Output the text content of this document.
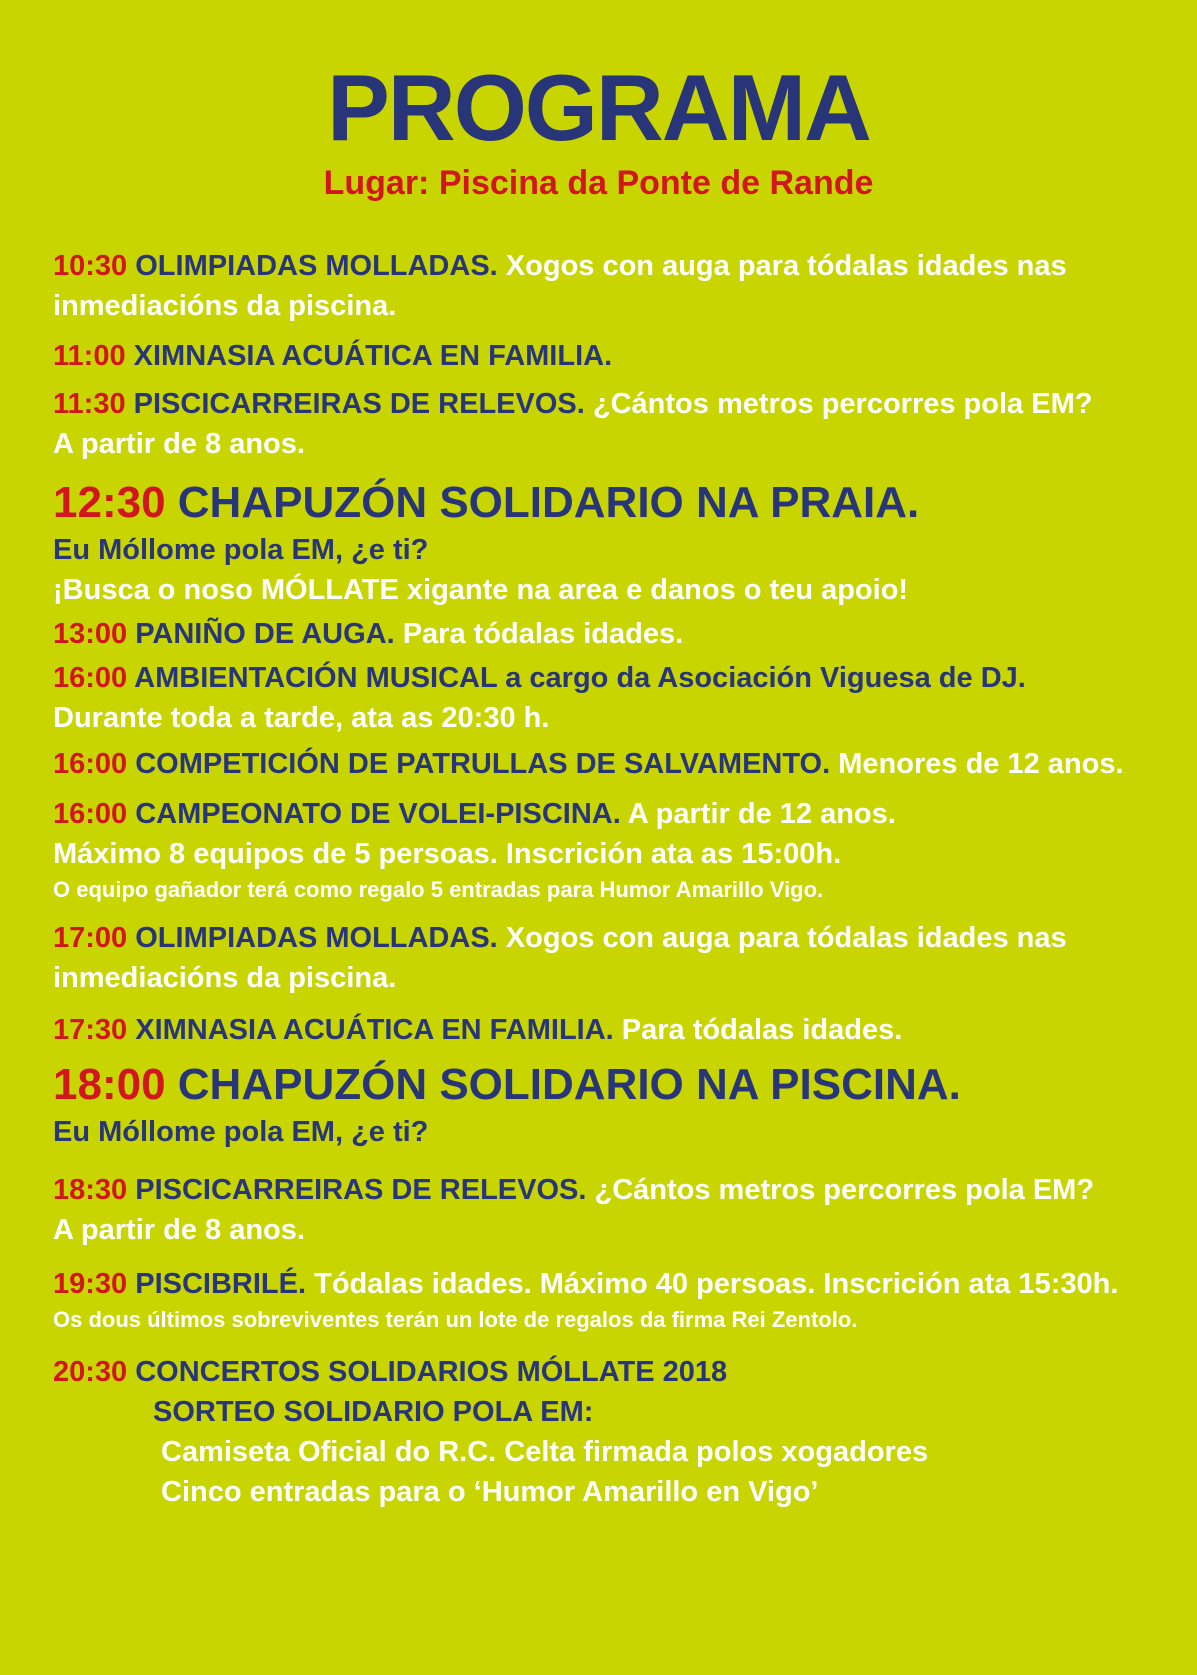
PROGRAMA
Lugar: Piscina da Ponte de Rande
10:30 OLIMPIADAS MOLLADAS. Xogos con auga para tódalas idades nas
inmediacións da piscina.
11:00 XIMNASIA ACUÁTICA EN FAMILIA.
11:30 PISCICARREIRAS DE RELEVOS. ¿Cántos metros percorres pola EM?
A partir de 8 anos.
12:30 CHAPUZÓN SOLIDARIO NA PRAIA.
Eu Móllome pola EM, ¿e ti?
¡Busca o noso MÓLLATE xigante na area e danos o teu apoio!
13:00 PANIÑO DE AUGA. Para tódalas idades.
16:00 AMBIENTACIÓN MUSICAL a cargo da Asociación Viguesa de DJ.
Durante toda a tarde, ata as 20:30 h.
16:00 COMPETICIÓN DE PATRULLAS DE SALVAMENTO. Menores de 12 anos.
16:00 CAMPEONATO DE VOLEI-PISCINA. A partir de 12 anos.
Máximo 8 equipos de 5 persoas. Inscrición ata as 15:00h.
O equipo gañador terá como regalo 5 entradas para Humor Amarillo Vigo.
17:00 OLIMPIADAS MOLLADAS. Xogos con auga para tódalas idades nas
inmediacións da piscina.
17:30 XIMNASIA ACUÁTICA EN FAMILIA. Para tódalas idades.
18:00 CHAPUZÓN SOLIDARIO NA PISCINA.
Eu Móllome pola EM, ¿e ti?
18:30 PISCICARREIRAS DE RELEVOS. ¿Cántos metros percorres pola EM?
A partir de 8 anos.
19:30 PISCIBRILÉ. Tódalas idades. Máximo 40 persoas. Inscrición ata 15:30h.
Os dous últimos sobreviventes terán un lote de regalos da firma Rei Zentolo.
20:30 CONCERTOS SOLIDARIOS MÓLLATE 2018
SORTEO SOLIDARIO POLA EM:
Camiseta Oficial do R.C. Celta firmada polos xogadores
Cinco entradas para o ‘Humor Amarillo en Vigo’
